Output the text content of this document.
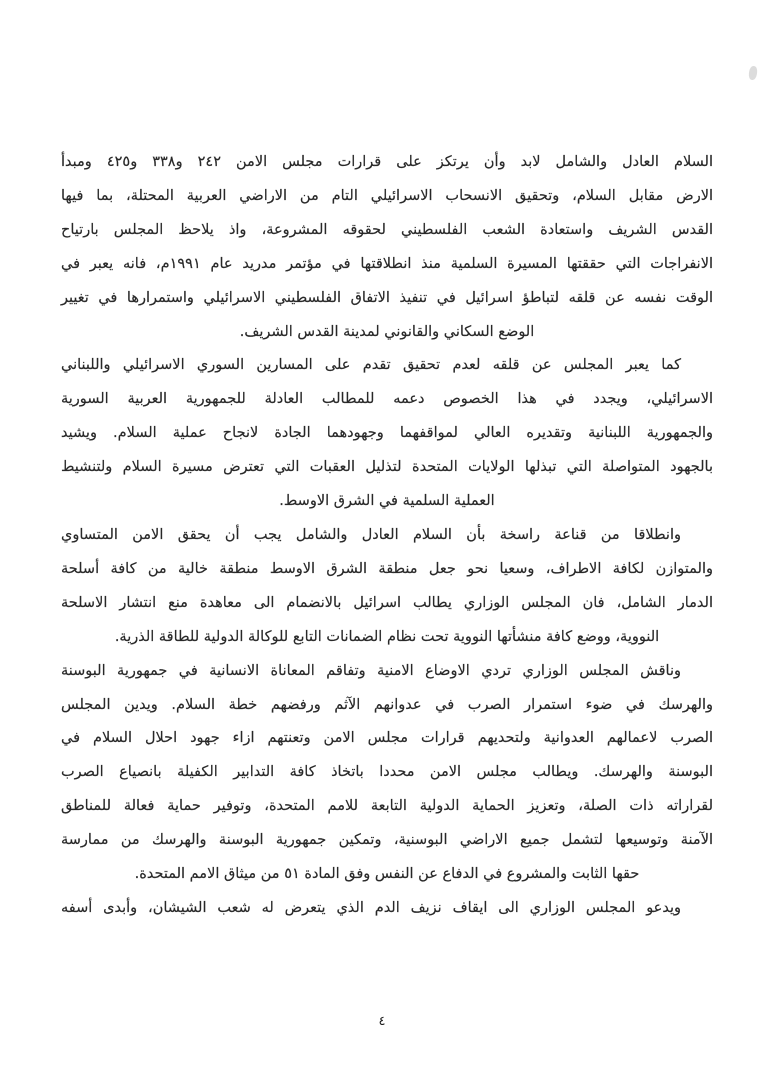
السلام العادل والشامل لابد وأن يرتكز على قرارات مجلس الامن ٢٤٢ و٣٣٨ و٤٢٥ ومبدأ
الارض مقابل السلام، وتحقيق الانسحاب الاسرائيلي التام من الاراضي العربية المحتلة، بما فيها
القدس الشريف واستعادة الشعب الفلسطيني لحقوقه المشروعة، واذ يلاحظ المجلس بارتياح
الانفراجات التي حققتها المسيرة السلمية منذ انطلاقتها في مؤتمر مدريد عام ١٩٩١م، فانه يعبر في
الوقت نفسه عن قلقه لتباطؤ اسرائيل في تنفيذ الاتفاق الفلسطيني الاسرائيلي واستمرارها في تغيير
الوضع السكاني والقانوني لمدينة القدس الشريف.
كما يعبر المجلس عن قلقه لعدم تحقيق تقدم على المسارين السوري الاسرائيلي واللبناني
الاسرائيلي، ويجدد في هذا الخصوص دعمه للمطالب العادلة للجمهورية العربية السورية
والجمهورية اللبنانية وتقديره العالي لمواقفهما وجهودهما الجادة لانجاح عملية السلام. ويشيد
بالجهود المتواصلة التي تبذلها الولايات المتحدة لتذليل العقبات التي تعترض مسيرة السلام ولتنشيط
العملية السلمية في الشرق الاوسط.
وانطلاقا من قناعة راسخة بأن السلام العادل والشامل يجب أن يحقق الامن المتساوي
والمتوازن لكافة الاطراف، وسعيا نحو جعل منطقة الشرق الاوسط منطقة خالية من كافة أسلحة
الدمار الشامل، فان المجلس الوزاري يطالب اسرائيل بالانضمام الى معاهدة منع انتشار الاسلحة
النووية، ووضع كافة منشأتها النووية تحت نظام الضمانات التابع للوكالة الدولية للطاقة الذرية.
وناقش المجلس الوزاري تردي الاوضاع الامنية وتفاقم المعاناة الانسانية في جمهورية البوسنة
والهرسك في ضوء استمرار الصرب في عدوانهم الآثم ورفضهم خطة السلام. ويدين المجلس
الصرب لاعمالهم العدوانية ولتحديهم قرارات مجلس الامن وتعنتهم ازاء جهود احلال السلام في
البوسنة والهرسك. ويطالب مجلس الامن محددا باتخاذ كافة التدابير الكفيلة بانصياع الصرب
لقراراته ذات الصلة، وتعزيز الحماية الدولية التابعة للامم المتحدة، وتوفير حماية فعالة للمناطق
الآمنة وتوسيعها لتشمل جميع الاراضي البوسنية، وتمكين جمهورية البوسنة والهرسك من ممارسة
حقها الثابت والمشروع في الدفاع عن النفس وفق المادة ٥١ من ميثاق الامم المتحدة.
ويدعو المجلس الوزاري الى ايقاف نزيف الدم الذي يتعرض له شعب الشيشان، وأبدى أسفه
٤
